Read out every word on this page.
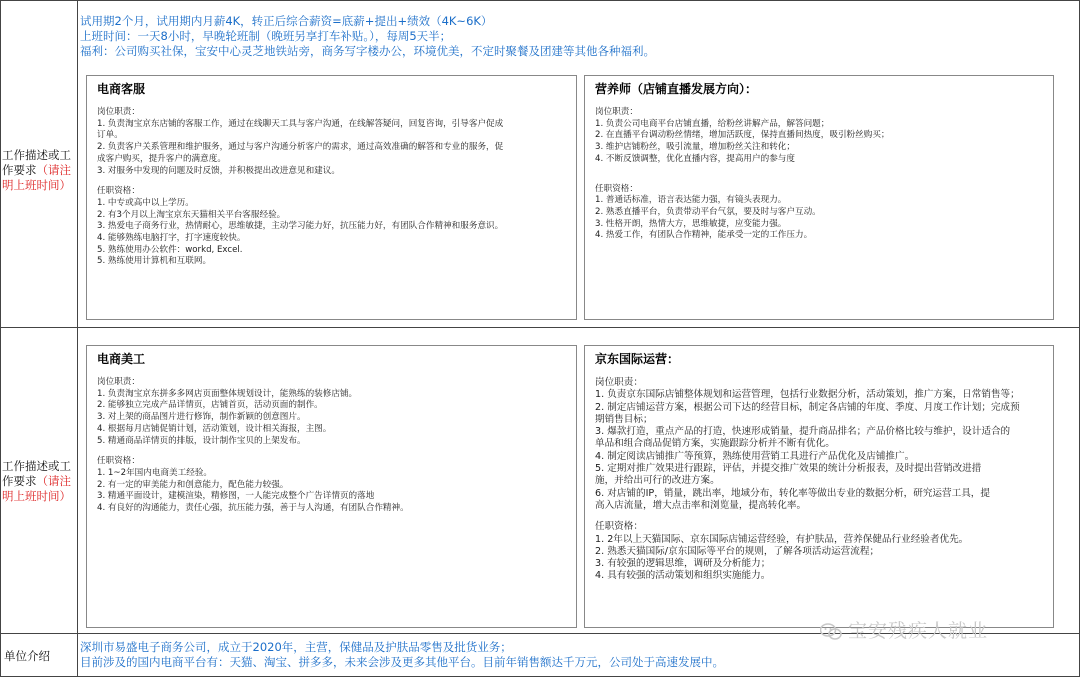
试用期2个月，试用期内月薪4K，转正后综合薪资=底薪+提出+绩效（4K~6K）
上班时间：一天8小时，早晚轮班制（晚班另享打车补贴。），每周5天半；
福利：公司购买社保，宝安中心灵芝地铁站旁，商务写字楼办公，环境优美，不定时聚餐及团建等其他各种福利。
工作描述或工作要求（请注明上班时间）
工作描述或工作要求（请注明上班时间）
电商客服
岗位职责：
1. 负责淘宝京东店铺的客服工作，通过在线聊天工具与客户沟通，在线解答疑问，回复咨询，引导客户促成
订单。
2. 负责客户关系管理和维护服务，通过与客户沟通分析客户的需求，通过高效准确的解答和专业的服务，促
成客户购买，提升客户的满意度。
3. 对服务中发现的问题及时反馈，并积极提出改进意见和建议。
任职资格：
1. 中专或高中以上学历。
2. 有3个月以上淘宝京东天猫相关平台客服经验。
3. 热爱电子商务行业，热情耐心，思维敏捷，主动学习能力好，抗压能力好，有团队合作精神和服务意识。
4. 能够熟练电脑打字，打字速度较快。
5. 熟练使用办公软件：workd, Excel.
5. 熟练使用计算机和互联网。
营养师（店铺直播发展方向）：
岗位职责：
1. 负责公司电商平台店铺直播，给粉丝讲解产品，解答问题；
2. 在直播平台调动粉丝情绪，增加活跃度，保持直播间热度，吸引粉丝购买；
3. 维护店铺粉丝，吸引流量，增加粉丝关注和转化；
4. 不断反馈调整，优化直播内容，提高用户的参与度
任职资格：
1. 普通话标准，语言表达能力强，有镜头表现力。
2. 熟悉直播平台，负责带动平台气氛，要及时与客户互动。
3. 性格开朗，热情大方，思维敏捷，应变能力强。
4. 热爱工作，有团队合作精神，能承受一定的工作压力。
电商美工
岗位职责：
1. 负责淘宝京东拼多多网店页面整体规划设计，能熟练的装修店铺。
2. 能够独立完成产品详情页，店铺首页，活动页面的制作。
3. 对上架的商品图片进行修饰，制作新颖的创意图片。
4. 根据每月店铺促销计划，活动策划，设计相关海报，主图。
5. 精通商品详情页的排版，设计制作宝贝的上架发布。
任职资格：
1. 1~2年国内电商美工经验。
2. 有一定的审美能力和创意能力，配色能力较强。
3. 精通平面设计，建模渲染，精修图，一人能完成整个广告详情页的落地
4. 有良好的沟通能力，责任心强，抗压能力强，善于与人沟通，有团队合作精神。
京东国际运营：
岗位职责：
1. 负责京东国际店铺整体规划和运营管理，包括行业数据分析，活动策划，推广方案，日常销售等；
2. 制定店铺运营方案，根据公司下达的经营目标，制定各店铺的年度、季度、月度工作计划；完成预
期销售目标；
3. 爆款打造，重点产品的打造，快速形成销量，提升商品排名；产品价格比较与维护，设计适合的
单品和组合商品促销方案，实施跟踪分析并不断有优化。
4. 制定阅读店铺推广等预算，熟练使用营销工具进行产品优化及店铺推广。
5. 定期对推广效果进行跟踪，评估，并提交推广效果的统计分析报表，及时提出营销改进措
施，并给出可行的改进方案。
6. 对店铺的IP，销量，跳出率，地域分布，转化率等做出专业的数据分析，研究运营工具，提
高入店流量，增大点击率和浏览量，提高转化率。
任职资格：
1. 2年以上天猫国际、京东国际店铺运营经验，有护肤品，营养保健品行业经验者优先。
2. 熟悉天猫国际/京东国际等平台的规则，了解各项活动运营流程；
3. 有较强的逻辑思维，调研及分析能力；
4. 具有较强的活动策划和组织实施能力。
宝安残疾人就业
单位介绍
深圳市易盛电子商务公司，成立于2020年，主营，保健品及护肤品零售及批货业务；
目前涉及的国内电商平台有：天猫、淘宝、拼多多，未来会涉及更多其他平台。目前年销售额达千万元，公司处于高速发展中。
